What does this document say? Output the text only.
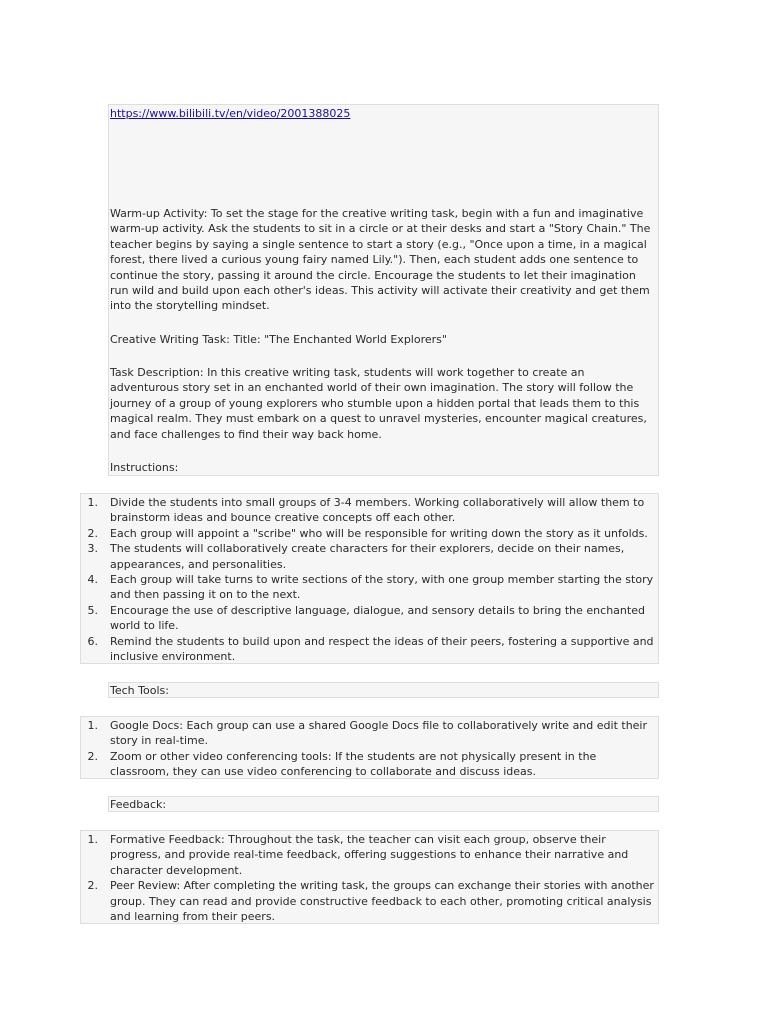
https://www.bilibili.tv/en/video/2001388025

Warm-up Activity: To set the stage for the creative writing task, begin with a fun and imaginative warm-up activity. Ask the students to sit in a circle or at their desks and start a "Story Chain." The teacher begins by saying a single sentence to start a story (e.g., "Once upon a time, in a magical forest, there lived a curious young fairy named Lily."). Then, each student adds one sentence to continue the story, passing it around the circle. Encourage the students to let their imagination run wild and build upon each other's ideas. This activity will activate their creativity and get them into the storytelling mindset.

Creative Writing Task: Title: "The Enchanted World Explorers"

Task Description: In this creative writing task, students will work together to create an adventurous story set in an enchanted world of their own imagination. The story will follow the journey of a group of young explorers who stumble upon a hidden portal that leads them to this magical realm. They must embark on a quest to unravel mysteries, encounter magical creatures, and face challenges to find their way back home.

Instructions:

1. Divide the students into small groups of 3-4 members. Working collaboratively will allow them to brainstorm ideas and bounce creative concepts off each other.
2. Each group will appoint a "scribe" who will be responsible for writing down the story as it unfolds.
3. The students will collaboratively create characters for their explorers, decide on their names, appearances, and personalities.
4. Each group will take turns to write sections of the story, with one group member starting the story and then passing it on to the next.
5. Encourage the use of descriptive language, dialogue, and sensory details to bring the enchanted world to life.
6. Remind the students to build upon and respect the ideas of their peers, fostering a supportive and inclusive environment.

Tech Tools:

1. Google Docs: Each group can use a shared Google Docs file to collaboratively write and edit their story in real-time.
2. Zoom or other video conferencing tools: If the students are not physically present in the classroom, they can use video conferencing to collaborate and discuss ideas.

Feedback:

1. Formative Feedback: Throughout the task, the teacher can visit each group, observe their progress, and provide real-time feedback, offering suggestions to enhance their narrative and character development.
2. Peer Review: After completing the writing task, the groups can exchange their stories with another group. They can read and provide constructive feedback to each other, promoting critical analysis and learning from their peers.
